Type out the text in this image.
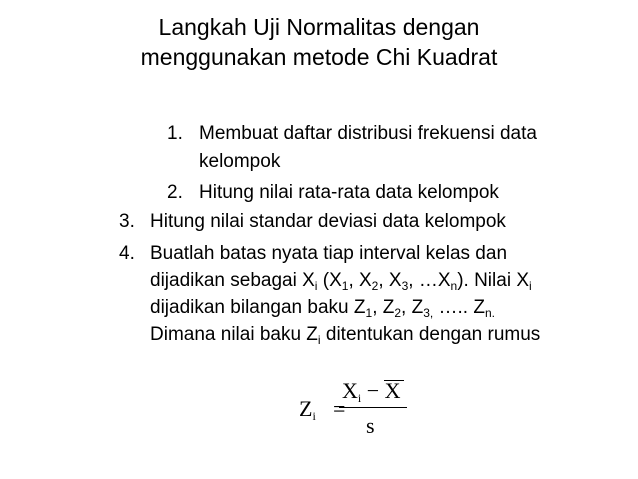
Langkah Uji Normalitas dengan
menggunakan metode Chi Kuadrat
1. Membuat daftar distribusi frekuensi data
kelompok
2. Hitung nilai rata-rata data kelompok
3. Hitung nilai standar deviasi data kelompok
4. Buatlah batas nyata tiap interval kelas dan
dijadikan sebagai $X_i$ ($X_1$, $X_2$, $X_3$, $\dots X_n$). Nilai $X_i$
dijadikan bilangan baku $Z_1$, $Z_2$, $Z_{3,}$ ….. $Z_{n.}$
Dimana nilai baku $Z_i$ ditentukan dengan rumus
$Z_i$ =
$X_i - X$
s
